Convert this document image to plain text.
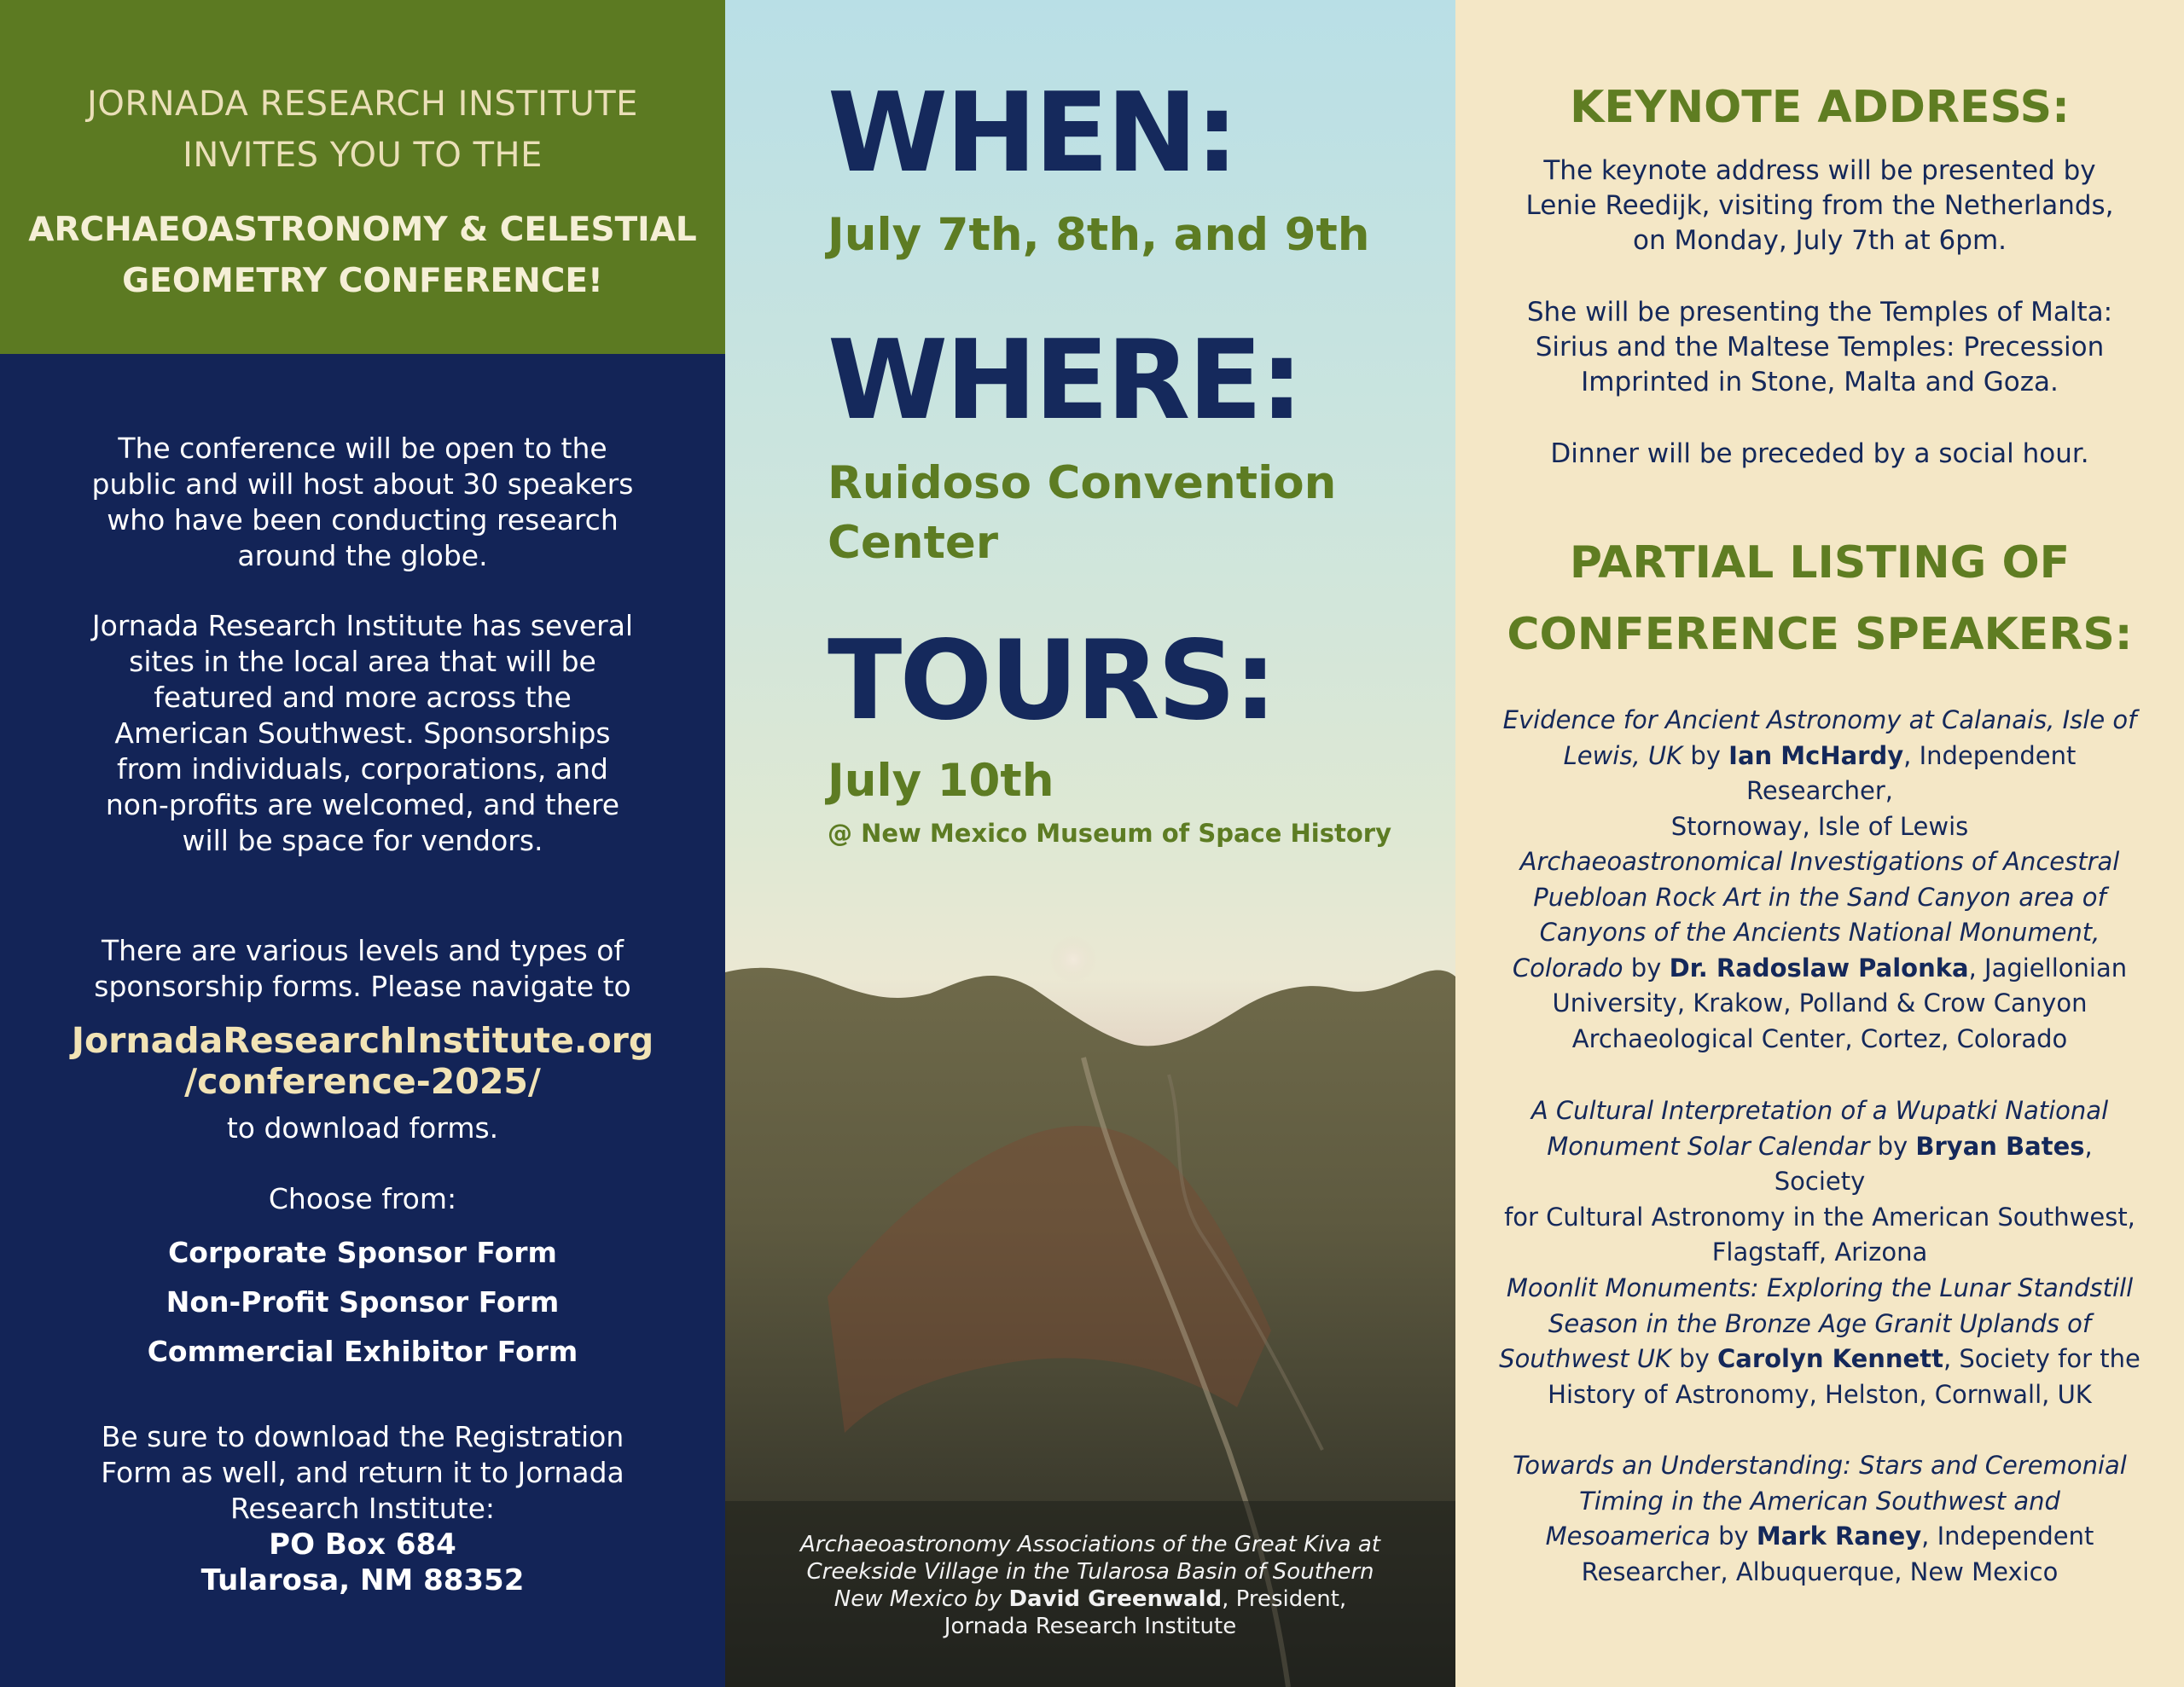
JORNADA RESEARCH INSTITUTE
INVITES YOU TO THE
ARCHAEOASTRONOMY & CELESTIAL
GEOMETRY CONFERENCE!
The conference will be open to the
public and will host about 30 speakers
who have been conducting research
around the globe.
Jornada Research Institute has several
sites in the local area that will be
featured and more across the
American Southwest. Sponsorships
from individuals, corporations, and
non-profits are welcomed, and there
will be space for vendors.
There are various levels and types of
sponsorship forms. Please navigate to
JornadaResearchInstitute.org
/conference-2025/
to download forms.
Choose from:
Corporate Sponsor Form
Non-Profit Sponsor Form
Commercial Exhibitor Form
Be sure to download the Registration
Form as well, and return it to Jornada
Research Institute:
PO Box 684
Tularosa, NM 88352
WHEN:
July 7th, 8th, and 9th
WHERE:
Ruidoso Convention
Center
TOURS:
July 10th
@ New Mexico Museum of Space History
Archaeoastronomy Associations of the Great Kiva at
Creekside Village in the Tularosa Basin of Southern
New Mexico by David Greenwald, President,
Jornada Research Institute
KEYNOTE ADDRESS:
The keynote address will be presented by
Lenie Reedijk, visiting from the Netherlands,
on Monday, July 7th at 6pm.
She will be presenting the Temples of Malta:
Sirius and the Maltese Temples: Precession
Imprinted in Stone, Malta and Goza.
Dinner will be preceded by a social hour.
PARTIAL LISTING OF
CONFERENCE SPEAKERS:
Evidence for Ancient Astronomy at Calanais, Isle of
Lewis, UK by Ian McHardy, Independent Researcher,
Stornoway, Isle of Lewis
Archaeoastronomical Investigations of Ancestral
Puebloan Rock Art in the Sand Canyon area of
Canyons of the Ancients National Monument,
Colorado by Dr. Radoslaw Palonka, Jagiellonian
University, Krakow, Polland & Crow Canyon
Archaeological Center, Cortez, Colorado
A Cultural Interpretation of a Wupatki National
Monument Solar Calendar by Bryan Bates, Society
for Cultural Astronomy in the American Southwest,
Flagstaff, Arizona
Moonlit Monuments: Exploring the Lunar Standstill
Season in the Bronze Age Granit Uplands of
Southwest UK by Carolyn Kennett, Society for the
History of Astronomy, Helston, Cornwall, UK
Towards an Understanding: Stars and Ceremonial
Timing in the American Southwest and
Mesoamerica by Mark Raney, Independent
Researcher, Albuquerque, New Mexico
